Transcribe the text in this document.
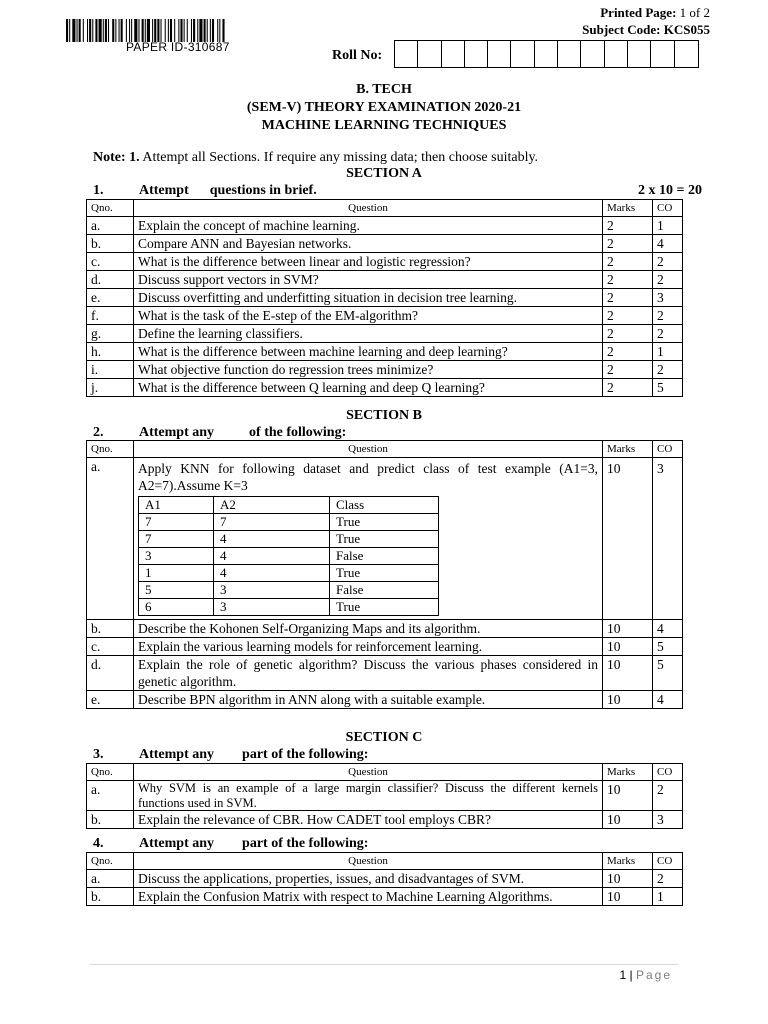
PAPER ID-310687
Printed Page: 1 of 2
Subject Code: KCS055
Roll No:
B. TECH
(SEM-V) THEORY EXAMINATION 2020-21
MACHINE LEARNING TECHNIQUES
Note: 1. Attempt all Sections. If require any missing data; then choose suitably.
SECTION A
1.	Attempt      questions in brief.	2 x 10 = 20
Qno.	Question	Marks	CO
a.	Explain the concept of machine learning.	2	1
b.	Compare ANN and Bayesian networks.	2	4
c.	What is the difference between linear and logistic regression?	2	2
d.	Discuss support vectors in SVM?	2	2
e.	Discuss overfitting and underfitting situation in decision tree learning.	2	3
f.	What is the task of the E-step of the EM-algorithm?	2	2
g.	Define the learning classifiers.	2	2
h.	What is the difference between machine learning and deep learning?	2	1
i.	What objective function do regression trees minimize?	2	2
j.	What is the difference between Q learning and deep Q learning?	2	5
SECTION B
2.	Attempt any          of the following:
Qno.	Question	Marks	CO
a.	Apply KNN for following dataset and predict class of test example (A1=3, A2=7).Assume K=3
A1	A2	Class
7	7	True
7	4	True
3	4	False
1	4	True
5	3	False
6	3	True
	10	3
b.	Describe the Kohonen Self-Organizing Maps and its algorithm.	10	4
c.	Explain the various learning models for reinforcement learning.	10	5
d.	Explain the role of genetic algorithm? Discuss the various phases considered in genetic algorithm.	10	5
e.	Describe BPN algorithm in ANN along with a suitable example.	10	4
SECTION C
3.	Attempt any        part of the following:
Qno.	Question	Marks	CO
a.	Why SVM is an example of a large margin classifier? Discuss the different kernels functions used in SVM.	10	2
b.	Explain the relevance of CBR. How CADET tool employs CBR?	10	3
4.	Attempt any        part of the following:
Qno.	Question	Marks	CO
a.	Discuss the applications, properties, issues, and disadvantages of SVM.	10	2
b.	Explain the Confusion Matrix with respect to Machine Learning Algorithms.	10	1
1 | Page
